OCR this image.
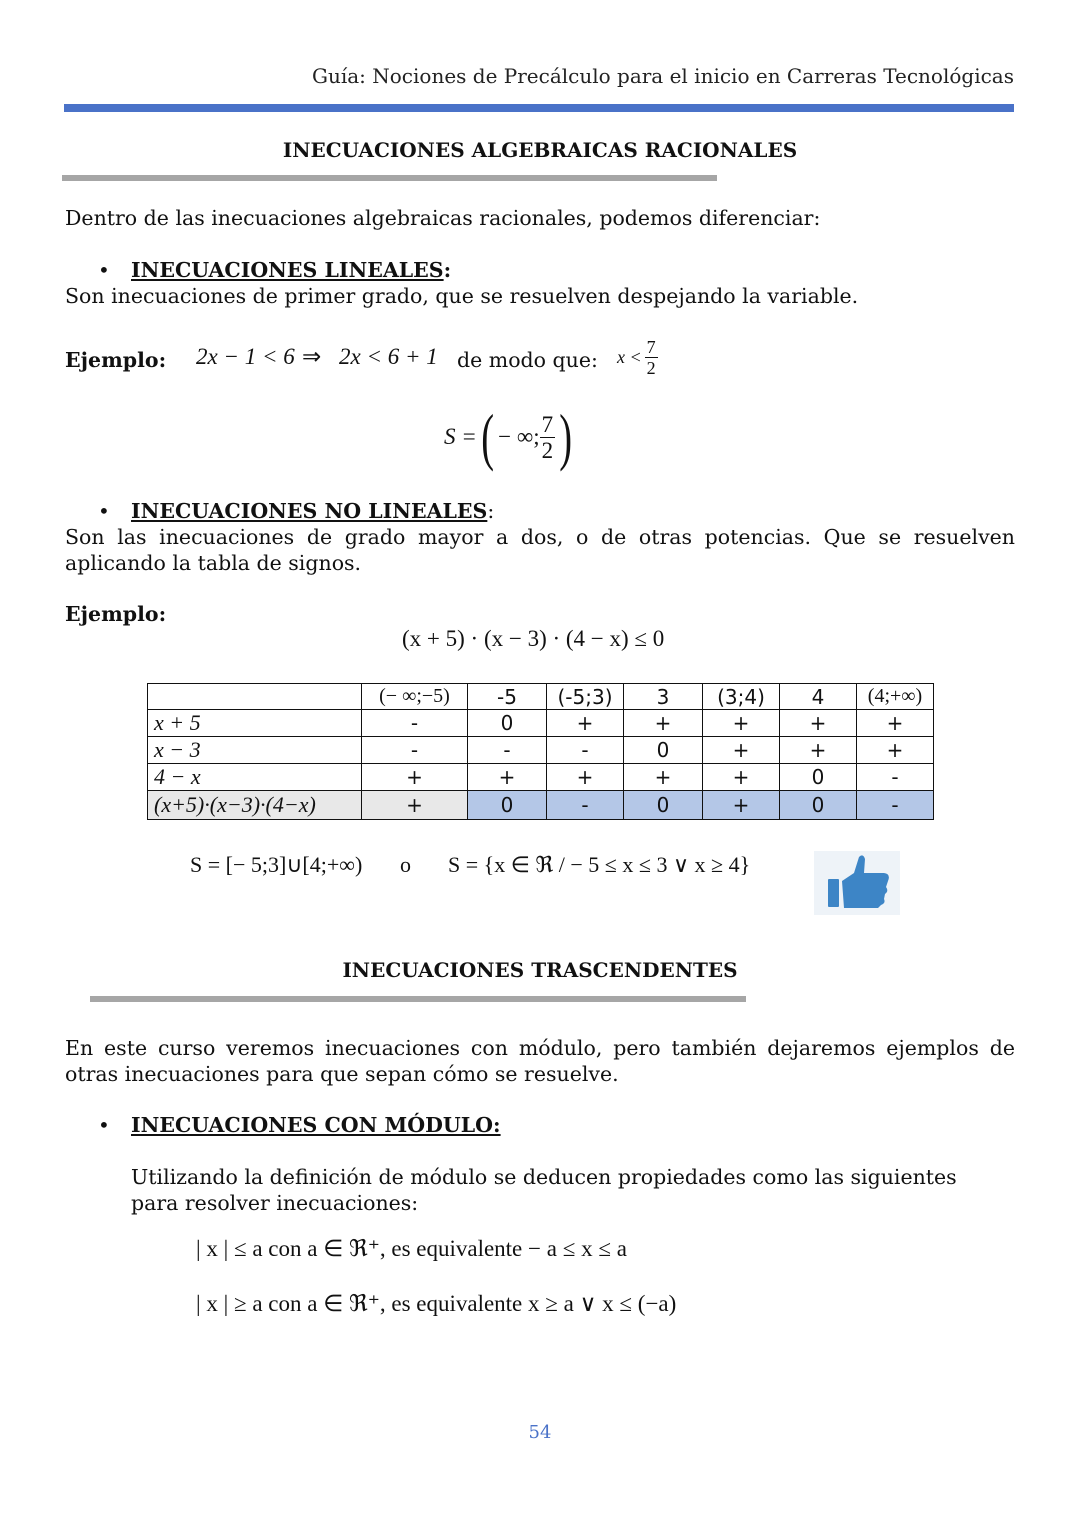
Guía: Nociones de Precálculo para el inicio en Carreras Tecnológicas
INECUACIONES ALGEBRAICAS RACIONALES
Dentro de las inecuaciones algebraicas racionales, podemos diferenciar:
• INECUACIONES LINEALES:
Son inecuaciones de primer grado, que se resuelven despejando la variable.
Ejemplo: 2x − 1 < 6 ⇒ 2x < 6 + 1 de modo que: $x < \frac{7}{2}$
S = ( − ∞; $\frac{7}{2}$ )
• INECUACIONES NO LINEALES:
Son las inecuaciones de grado mayor a dos, o de otras potencias. Que se resuelven aplicando la tabla de signos.
Ejemplo:
(x + 5) · (x − 3) · (4 − x) ≤ 0
	(− ∞;−5)	-5	(-5;3)	3	(3;4)	4	(4;+∞)
x + 5	-	0	+	+	+	+	+
x − 3	-	-	-	0	+	+	+
4 − x	+	+	+	+	+	0	-
(x+5)·(x−3)·(4−x)	+	0	-	0	+	0	-
S = [− 5;3]∪[4;+∞) o S = {x ∈ ℜ / − 5 ≤ x ≤ 3 ∨ x ≥ 4}
INECUACIONES TRASCENDENTES
En este curso veremos inecuaciones con módulo, pero también dejaremos ejemplos de otras inecuaciones para que sepan cómo se resuelve.
• INECUACIONES CON MÓDULO:
Utilizando la definición de módulo se deducen propiedades como las siguientes para resolver inecuaciones:
| x | ≤ a con a ∈ ℜ⁺, es equivalente − a ≤ x ≤ a
| x | ≥ a con a ∈ ℜ⁺, es equivalente x ≥ a ∨ x ≤ (−a)
54
